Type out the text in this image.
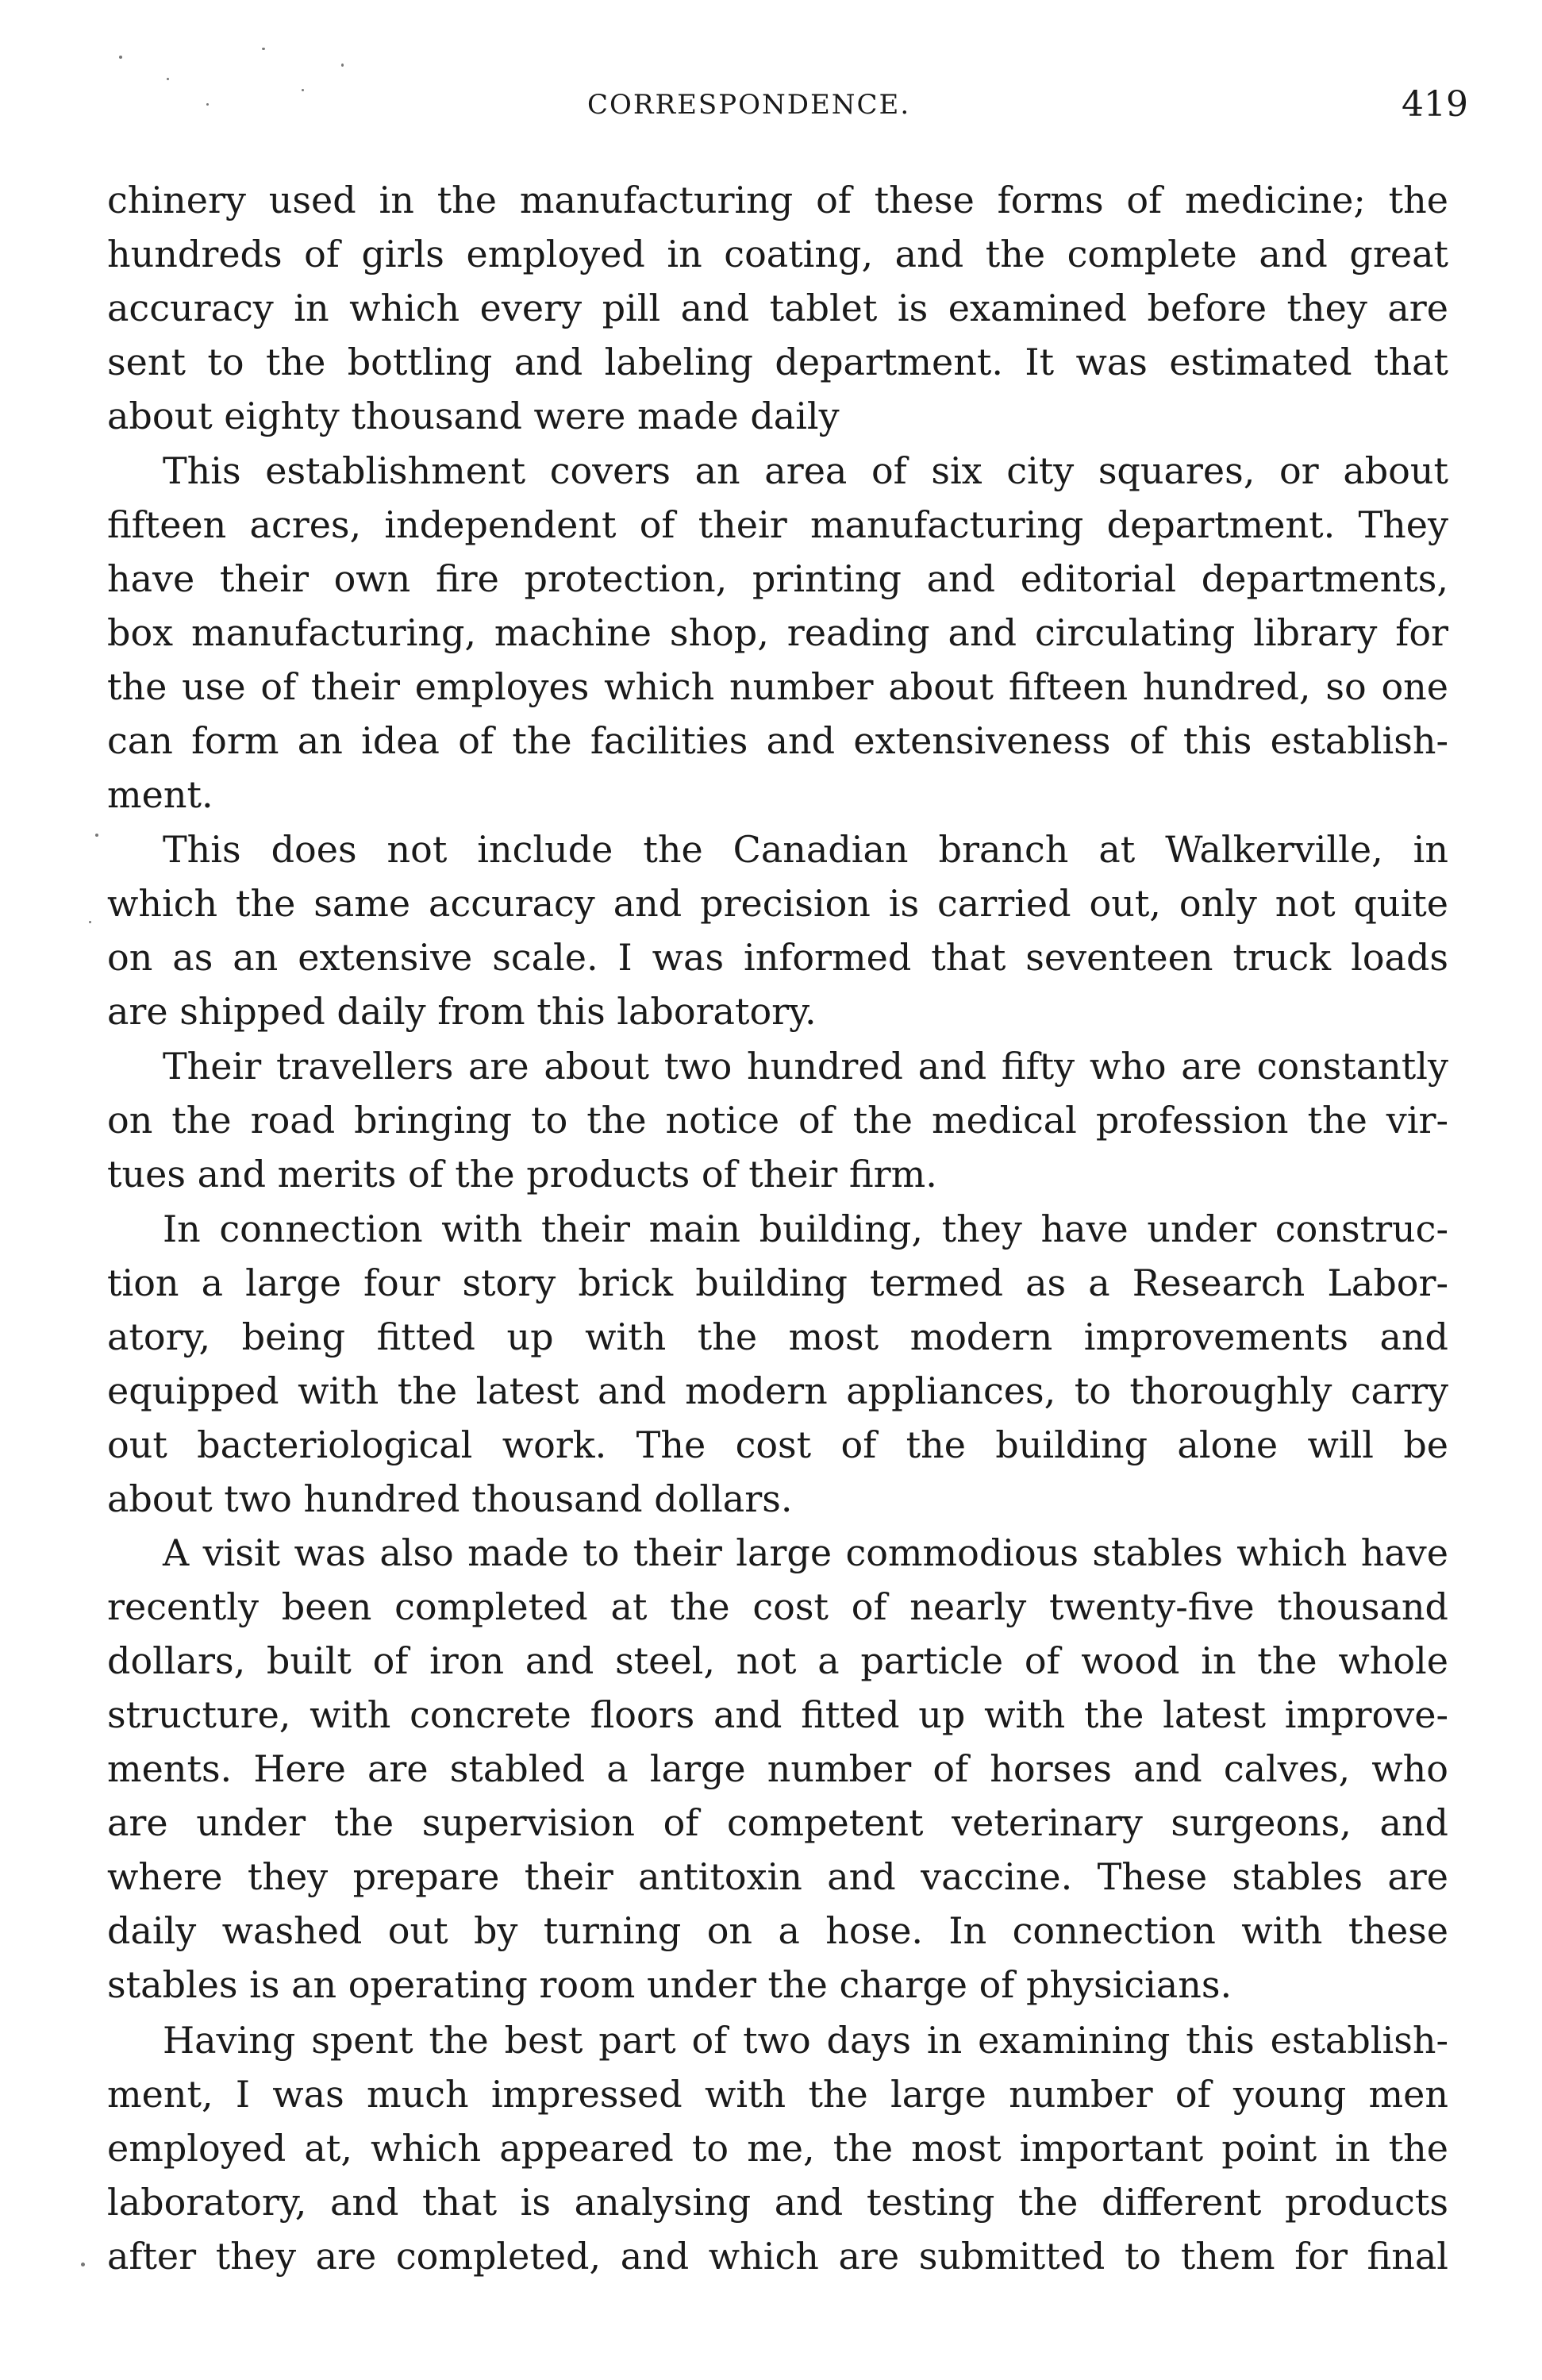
CORRESPONDENCE.	419
chinery used in the manufacturing of these forms of medicine; the
hundreds of girls employed in coating, and the complete and great
accuracy in which every pill and tablet is examined before they are
sent to the bottling and labeling department. It was estimated that
about eighty thousand were made daily
This establishment covers an area of six city squares, or about
fifteen acres, independent of their manufacturing department. They
have their own fire protection, printing and editorial departments,
box manufacturing, machine shop, reading and circulating library for
the use of their employes which number about fifteen hundred, so one
can form an idea of the facilities and extensiveness of this establish-
ment.
This does not include the Canadian branch at Walkerville, in
which the same accuracy and precision is carried out, only not quite
on as an extensive scale. I was informed that seventeen truck loads
are shipped daily from this laboratory.
Their travellers are about two hundred and fifty who are constantly
on the road bringing to the notice of the medical profession the vir-
tues and merits of the products of their firm.
In connection with their main building, they have under construc-
tion a large four story brick building termed as a Research Labor-
atory, being fitted up with the most modern improvements and
equipped with the latest and modern appliances, to thoroughly carry
out bacteriological work. The cost of the building alone will be
about two hundred thousand dollars.
A visit was also made to their large commodious stables which have
recently been completed at the cost of nearly twenty-five thousand
dollars, built of iron and steel, not a particle of wood in the whole
structure, with concrete floors and fitted up with the latest improve-
ments. Here are stabled a large number of horses and calves, who
are under the supervision of competent veterinary surgeons, and
where they prepare their antitoxin and vaccine. These stables are
daily washed out by turning on a hose. In connection with these
stables is an operating room under the charge of physicians.
Having spent the best part of two days in examining this establish-
ment, I was much impressed with the large number of young men
employed at, which appeared to me, the most important point in the
laboratory, and that is analysing and testing the different products
after they are completed, and which are submitted to them for final
